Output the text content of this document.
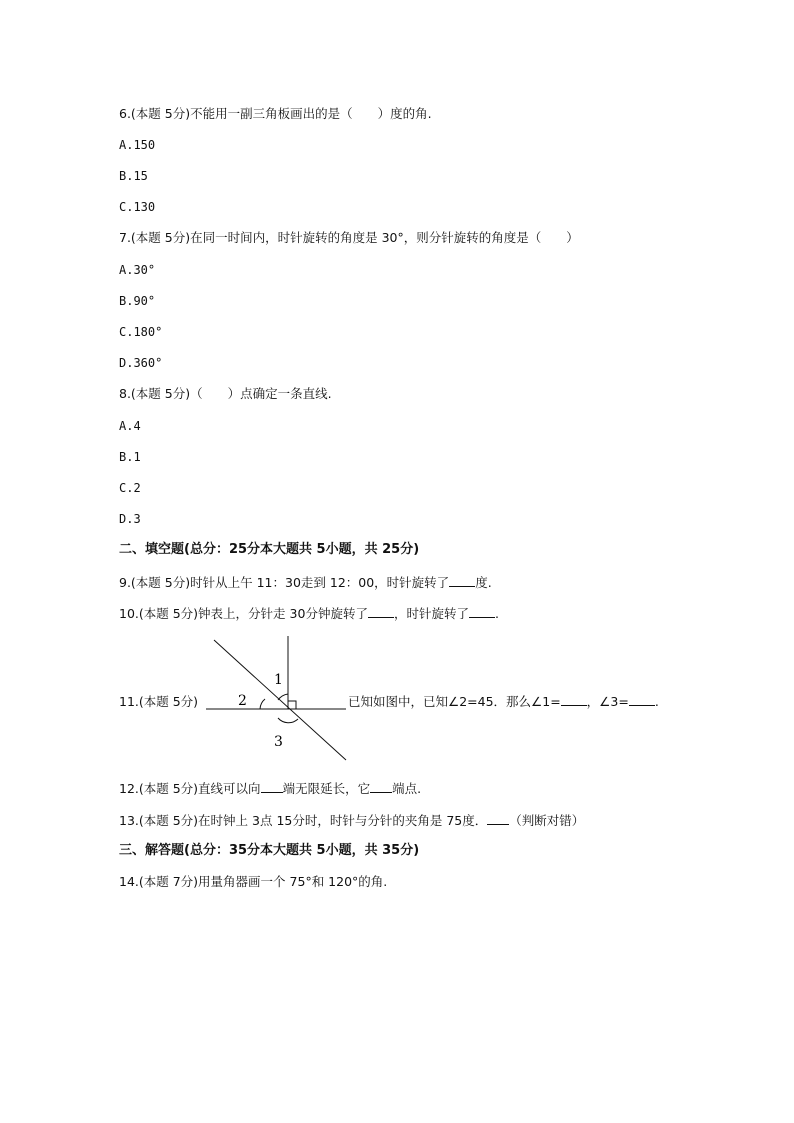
6.(本题 5分)不能用一副三角板画出的是（　　）度的角.
A.150
B.15
C.130
7.(本题 5分)在同一时间内，时针旋转的角度是 30°，则分针旋转的角度是（　　）
A.30°
B.90°
C.180°
D.360°
8.(本题 5分)（　　）点确定一条直线.
A.4
B.1
C.2
D.3
二、填空题(总分：25分本大题共 5小题，共 25分)
9.(本题 5分)时针从上午 11：30走到 12：00，时针旋转了 度.
10.(本题 5分)钟表上，分针走 30分钟旋转了 ，时针旋转了 .
11.(本题 5分)
1
2
3
已知如图中，已知∠2=45．那么∠1= ，∠3= .
12.(本题 5分)直线可以向 端无限延长，它 端点.
13.(本题 5分)在时钟上 3点 15分时，时针与分针的夹角是 75度． （判断对错）
三、解答题(总分：35分本大题共 5小题，共 35分)
14.(本题 7分)用量角器画一个 75°和 120°的角.
